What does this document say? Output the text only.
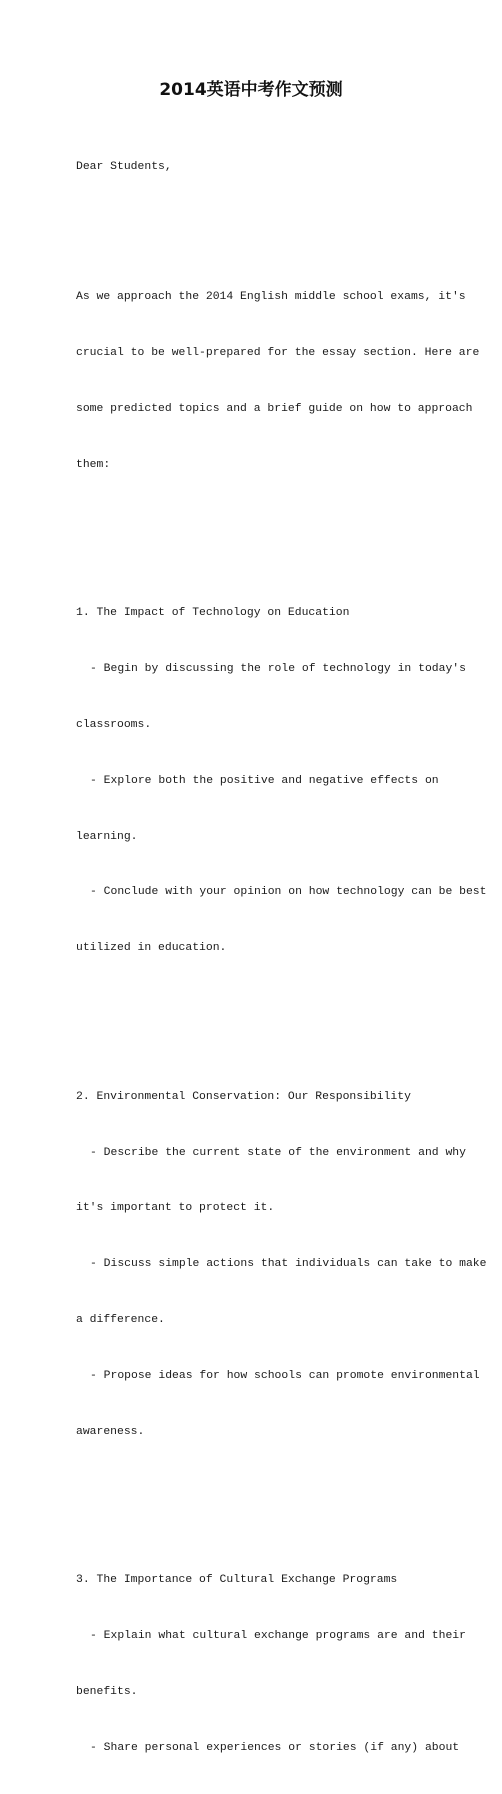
2014英语中考作文预测

Dear Students,

As we approach the 2014 English middle school exams, it's

crucial to be well-prepared for the essay section. Here are

some predicted topics and a brief guide on how to approach

them:

1. The Impact of Technology on Education

- Begin by discussing the role of technology in today's

classrooms.

- Explore both the positive and negative effects on

learning.

- Conclude with your opinion on how technology can be best

utilized in education.

2. Environmental Conservation: Our Responsibility

- Describe the current state of the environment and why

it's important to protect it.

- Discuss simple actions that individuals can take to make

a difference.

- Propose ideas for how schools can promote environmental

awareness.

3. The Importance of Cultural Exchange Programs

- Explain what cultural exchange programs are and their

benefits.

- Share personal experiences or stories (if any) about
